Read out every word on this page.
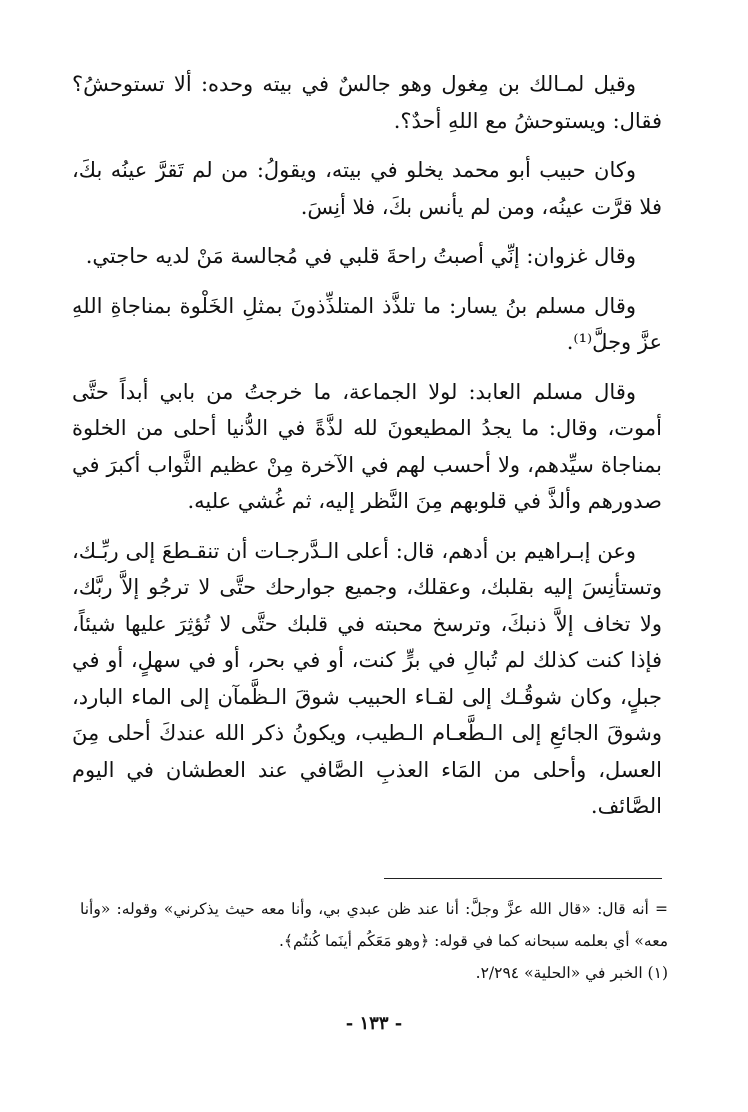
وقيل لمـالك بن مِغول وهو جالسٌ في بيته وحده: ألا تستوحشُ؟ فقال: ويستوحشُ مع اللهِ أحدٌ؟.

وكان حبيب أبو محمد يخلو في بيته، ويقولُ: من لم تَقرَّ عينُه بكَ، فلا قرَّت عينُه، ومن لم يأنس بكَ، فلا أنِسَ.

وقال غزوان: إنِّي أصبتُ راحةَ قلبي في مُجالسة مَنْ لديه حاجتي.

وقال مسلم بنُ يسار: ما تلذَّذ المتلذِّذونَ بمثلِ الخَلْوة بمناجاةِ اللهِ عزَّ وجلَّ⁽¹⁾.

وقال مسلم العابد: لولا الجماعة، ما خرجتُ من بابي أبداً حتَّى أموت، وقال: ما يجدُ المطيعونَ لله لذَّةً في الدُّنيا أحلى من الخلوة بمناجاة سيِّدهم، ولا أحسب لهم في الآخرة مِنْ عظيم الثَّواب أكبرَ في صدورهم وألذَّ في قلوبهم مِنَ النَّظر إليه، ثم غُشي عليه.

وعن إبـراهيم بن أدهم، قال: أعلى الـدَّرجـات أن تنقـطعَ إلى ربِّـك، وتستأنِسَ إليه بقلبك، وعقلك، وجميع جوارحك حتَّى لا ترجُو إلاَّ ربَّك، ولا تخاف إلاَّ ذنبكَ، وترسخ محبته في قلبك حتَّى لا تُؤثِرَ عليها شيئاً، فإذا كنت كذلك لم تُبالِ في برٍّ كنت، أو في بحر، أو في سهلٍ، أو في جبلٍ، وكان شوقُـك إلى لقـاء الحبيب شوقَ الـظَّمآن إلى الماء البارد، وشوقَ الجائعِ إلى الـطَّعـام الـطيب، ويكونُ ذكر الله عندكَ أحلى مِنَ العسل، وأحلى من المَاء العذبِ الصَّافي عند العطشان في اليوم الصَّائف.

= أنه قال: «قال الله عزَّ وجلَّ: أنا عند ظن عبدي بي، وأنا معه حيث يذكرني» وقوله: «وأنا معه» أي بعلمه سبحانه كما في قوله: ﴿وهو مَعَكُم أينَما كُنتُم﴾.

(١) الخبر في «الحلية» ٢/٢٩٤.

- ١٣٣ -
